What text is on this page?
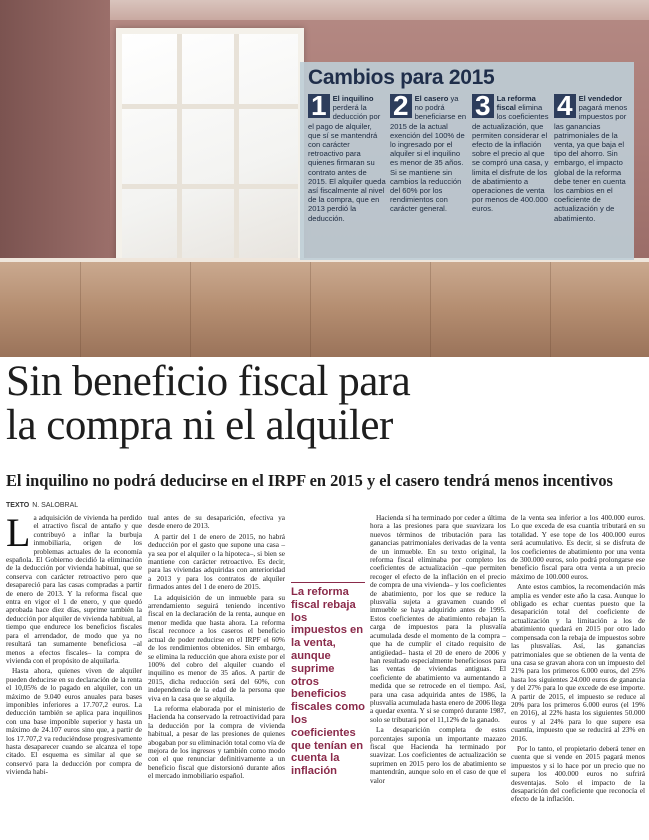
Cambios para 2015
1 El inquilino perderá la deducción por el pago de alquiler, que sí se mantendrá con carácter retroactivo para quienes firmaran su contrato antes de 2015. El alquiler queda así fiscalmente al nivel de la compra, que en 2013 perdió la deducción.
2 El casero ya no podrá beneficiarse en 2015 de la actual exención del 100% de lo ingresado por el alquiler si el inquilino es menor de 35 años. Si se mantiene sin cambios la reducción del 60% por los rendimientos con carácter general.
3 La reforma fiscal elimina los coeficientes de actualización, que permiten considerar el efecto de la inflación sobre el precio al que se compró una casa, y limita el disfrute de los de abatimiento a operaciones de venta por menos de 400.000 euros.
4 El vendedor pagará menos impuestos por las ganancias patrimoniales de la venta, ya que baja el tipo del ahorro. Sin embargo, el impacto global de la reforma debe tener en cuenta los cambios en el coeficiente de actualización y de abatimiento.
Sin beneficio fiscal para
la compra ni el alquiler
El inquilino no podrá deducirse en el IRPF en 2015 y el casero tendrá menos incentivos
TEXTO N. SALOBRAL

La adquisición de vivienda ha perdido el atractivo fiscal de antaño y que contribuyó a inflar la burbuja inmobiliaria, origen de los problemas actuales de la economía española. El Gobierno decidió la eliminación de la deducción por vivienda habitual, que se conserva con carácter retroactivo pero que desapareció para las casas compradas a partir de enero de 2013. Y la reforma fiscal que entra en vigor el 1 de enero, y que quedó aprobada hace diez días, suprime también la deducción por alquiler de vivienda habitual, al tiempo que endurece los beneficios fiscales para el arrendador, de modo que ya no resultará tan sumamente beneficiosa –al menos a efectos fiscales– la compra de vivienda con el propósito de alquilarla.

Hasta ahora, quienes viven de alquiler pueden deducirse en su declaración de la renta el 10,05% de lo pagado en alquiler, con un máximo de 9.040 euros anuales para bases imponibles inferiores a 17.707,2 euros. La deducción también se aplica para inquilinos con una base imponible superior y hasta un máximo de 24.107 euros sino que, a partir de los 17.707,2 va reduciéndose progresivamente hasta desaparecer cuando se alcanza el tope citado. El esquema es similar al que se conservó para la deducción por compra de vivienda habi-

tual antes de su desaparición, efectiva ya desde enero de 2013.

A partir del 1 de enero de 2015, no habrá deducción por el gasto que supone una casa –ya sea por el alquiler o la hipoteca–, si bien se mantiene con carácter retroactivo. Es decir, para las viviendas adquiridas con anterioridad a 2013 y para los contratos de alquiler firmados antes del 1 de enero de 2015.

La adquisición de un inmueble para su arrendamiento seguirá teniendo incentivo fiscal en la declaración de la renta, aunque en menor medida que hasta ahora. La reforma fiscal reconoce a los caseros el beneficio actual de poder reducirse en el IRPF el 60% de los rendimientos obtenidos. Sin embargo, se elimina la reducción que ahora existe por el 100% del cobro del alquiler cuando el inquilino es menor de 35 años. A partir de 2015, dicha reducción será del 60%, con independencia de la edad de la persona que viva en la casa que se alquila.

La reforma elaborada por el ministerio de Hacienda ha conservado la retroactividad para la deducción por la compra de vivienda habitual, a pesar de las presiones de quienes abogaban por su eliminación total como vía de mejora de los ingresos y también como modo con el que renunciar definitivamente a un beneficio fiscal que distorsionó durante años el mercado inmobiliario español.

La reforma fiscal rebaja los impuestos en la venta, aunque suprime otros beneficios fiscales como los coeficientes que tenían en cuenta la inflación

Hacienda sí ha terminado por ceder a última hora a las presiones para que suavizara los nuevos términos de tributación para las ganancias patrimoniales derivadas de la venta de un inmueble. En su texto original, la reforma fiscal eliminaba por completo los coeficientes de actualización –que permiten recoger el efecto de la inflación en el precio de compra de una vivienda– y los coeficientes de abatimiento, por los que se reduce la plusvalía sujeta a gravamen cuando el inmueble se haya adquirido antes de 1995. Estos coeficientes de abatimiento rebajan la carga de impuestos para la plusvalía acumulada desde el momento de la compra –que ha de cumplir el citado requisito de antigüedad– hasta el 20 de enero de 2006 y han resultado especialmente beneficiosos para las ventas de viviendas antiguas. El coeficiente de abatimiento va aumentando a medida que se retrocede en el tiempo. Así, para una casa adquirida antes de 1986, la plusvalía acumulada hasta enero de 2006 llega a quedar exenta. Y si se compró durante 1987, solo se tributará por el 11,12% de la ganado.

La desaparición completa de estos porcentajes suponía un importante mazazo fiscal que Hacienda ha terminado por suavizar. Los coeficientes de actualización se suprimen en 2015 pero los de abatimiento se mantendrán, aunque solo en el caso de que el valor

de la venta sea inferior a los 400.000 euros. Lo que exceda de esa cuantía tributará en su totalidad. Y ese tope de los 400.000 euros será acumulativo. Es decir, si se disfruta de los coeficientes de abatimiento por una venta de 300.000 euros, solo podrá prolongarse ese beneficio fiscal para otra venta a un precio máximo de 100.000 euros.

Ante estos cambios, la recomendación más amplia es vender este año la casa. Aunque lo obligado es echar cuentas puesto que la desaparición total del coeficiente de actualización y la limitación a los de abatimiento quedará en 2015 por otro lado compensada con la rebaja de impuestos sobre las plusvalías. Así, las ganancias patrimoniales que se obtienen de la venta de una casa se gravan ahora con un impuesto del 21% para los primeros 6.000 euros, del 25% hasta los siguientes 24.000 euros de ganancia y del 27% para lo que excede de ese importe. A partir de 2015, el impuesto se reduce al 20% para los primeros 6.000 euros (el 19% en 2016), al 22% hasta los siguientes 50.000 euros y al 24% para lo que supere esa cuantía, impuesto que se reducirá al 23% en 2016.

Por lo tanto, el propietario deberá tener en cuenta que si vende en 2015 pagará menos impuestos y si lo hace por un precio que no supera los 400.000 euros no sufrirá desventajas. Solo el impacto de la desaparición del coeficiente que reconocía el efecto de la inflación.
